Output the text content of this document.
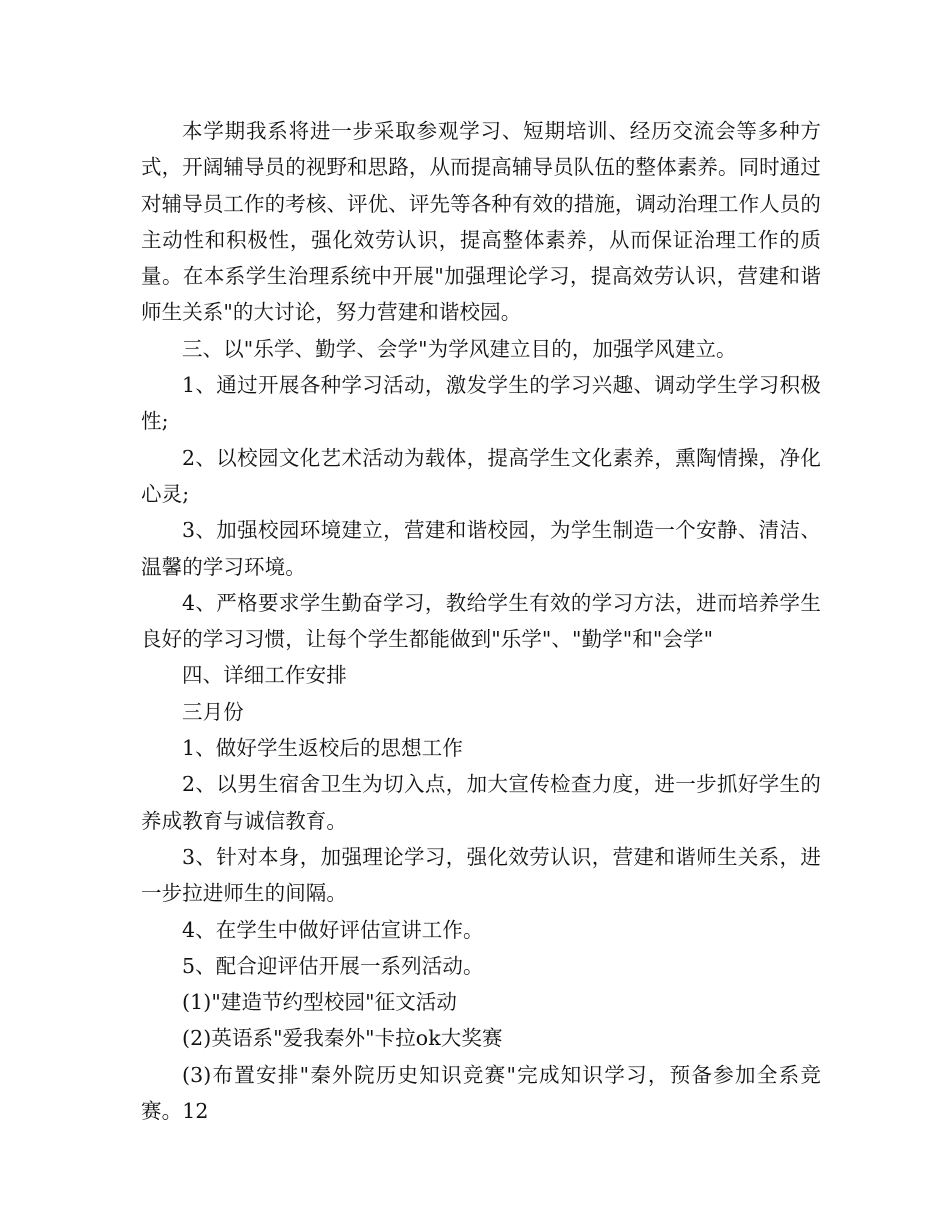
本学期我系将进一步采取参观学习、短期培训、经历交流会等多种方式，开阔辅导员的视野和思路，从而提高辅导员队伍的整体素养。同时通过对辅导员工作的考核、评优、评先等各种有效的措施，调动治理工作人员的主动性和积极性，强化效劳认识，提高整体素养，从而保证治理工作的质量。在本系学生治理系统中开展"加强理论学习，提高效劳认识，营建和谐师生关系"的大讨论，努力营建和谐校园。

三、以"乐学、勤学、会学"为学风建立目的，加强学风建立。

1、通过开展各种学习活动，激发学生的学习兴趣、调动学生学习积极性;

2、以校园文化艺术活动为载体，提高学生文化素养，熏陶情操，净化心灵;

3、加强校园环境建立，营建和谐校园，为学生制造一个安静、清洁、温馨的学习环境。

4、严格要求学生勤奋学习，教给学生有效的学习方法，进而培养学生良好的学习习惯，让每个学生都能做到"乐学"、"勤学"和"会学"

四、详细工作安排

三月份

1、做好学生返校后的思想工作

2、以男生宿舍卫生为切入点，加大宣传检查力度，进一步抓好学生的养成教育与诚信教育。

3、针对本身，加强理论学习，强化效劳认识，营建和谐师生关系，进一步拉进师生的间隔。

4、在学生中做好评估宣讲工作。

5、配合迎评估开展一系列活动。

(1)"建造节约型校园"征文活动

(2)英语系"爱我秦外"卡拉ok大奖赛

(3)布置安排"秦外院历史知识竞赛"完成知识学习，预备参加全系竞赛。12
